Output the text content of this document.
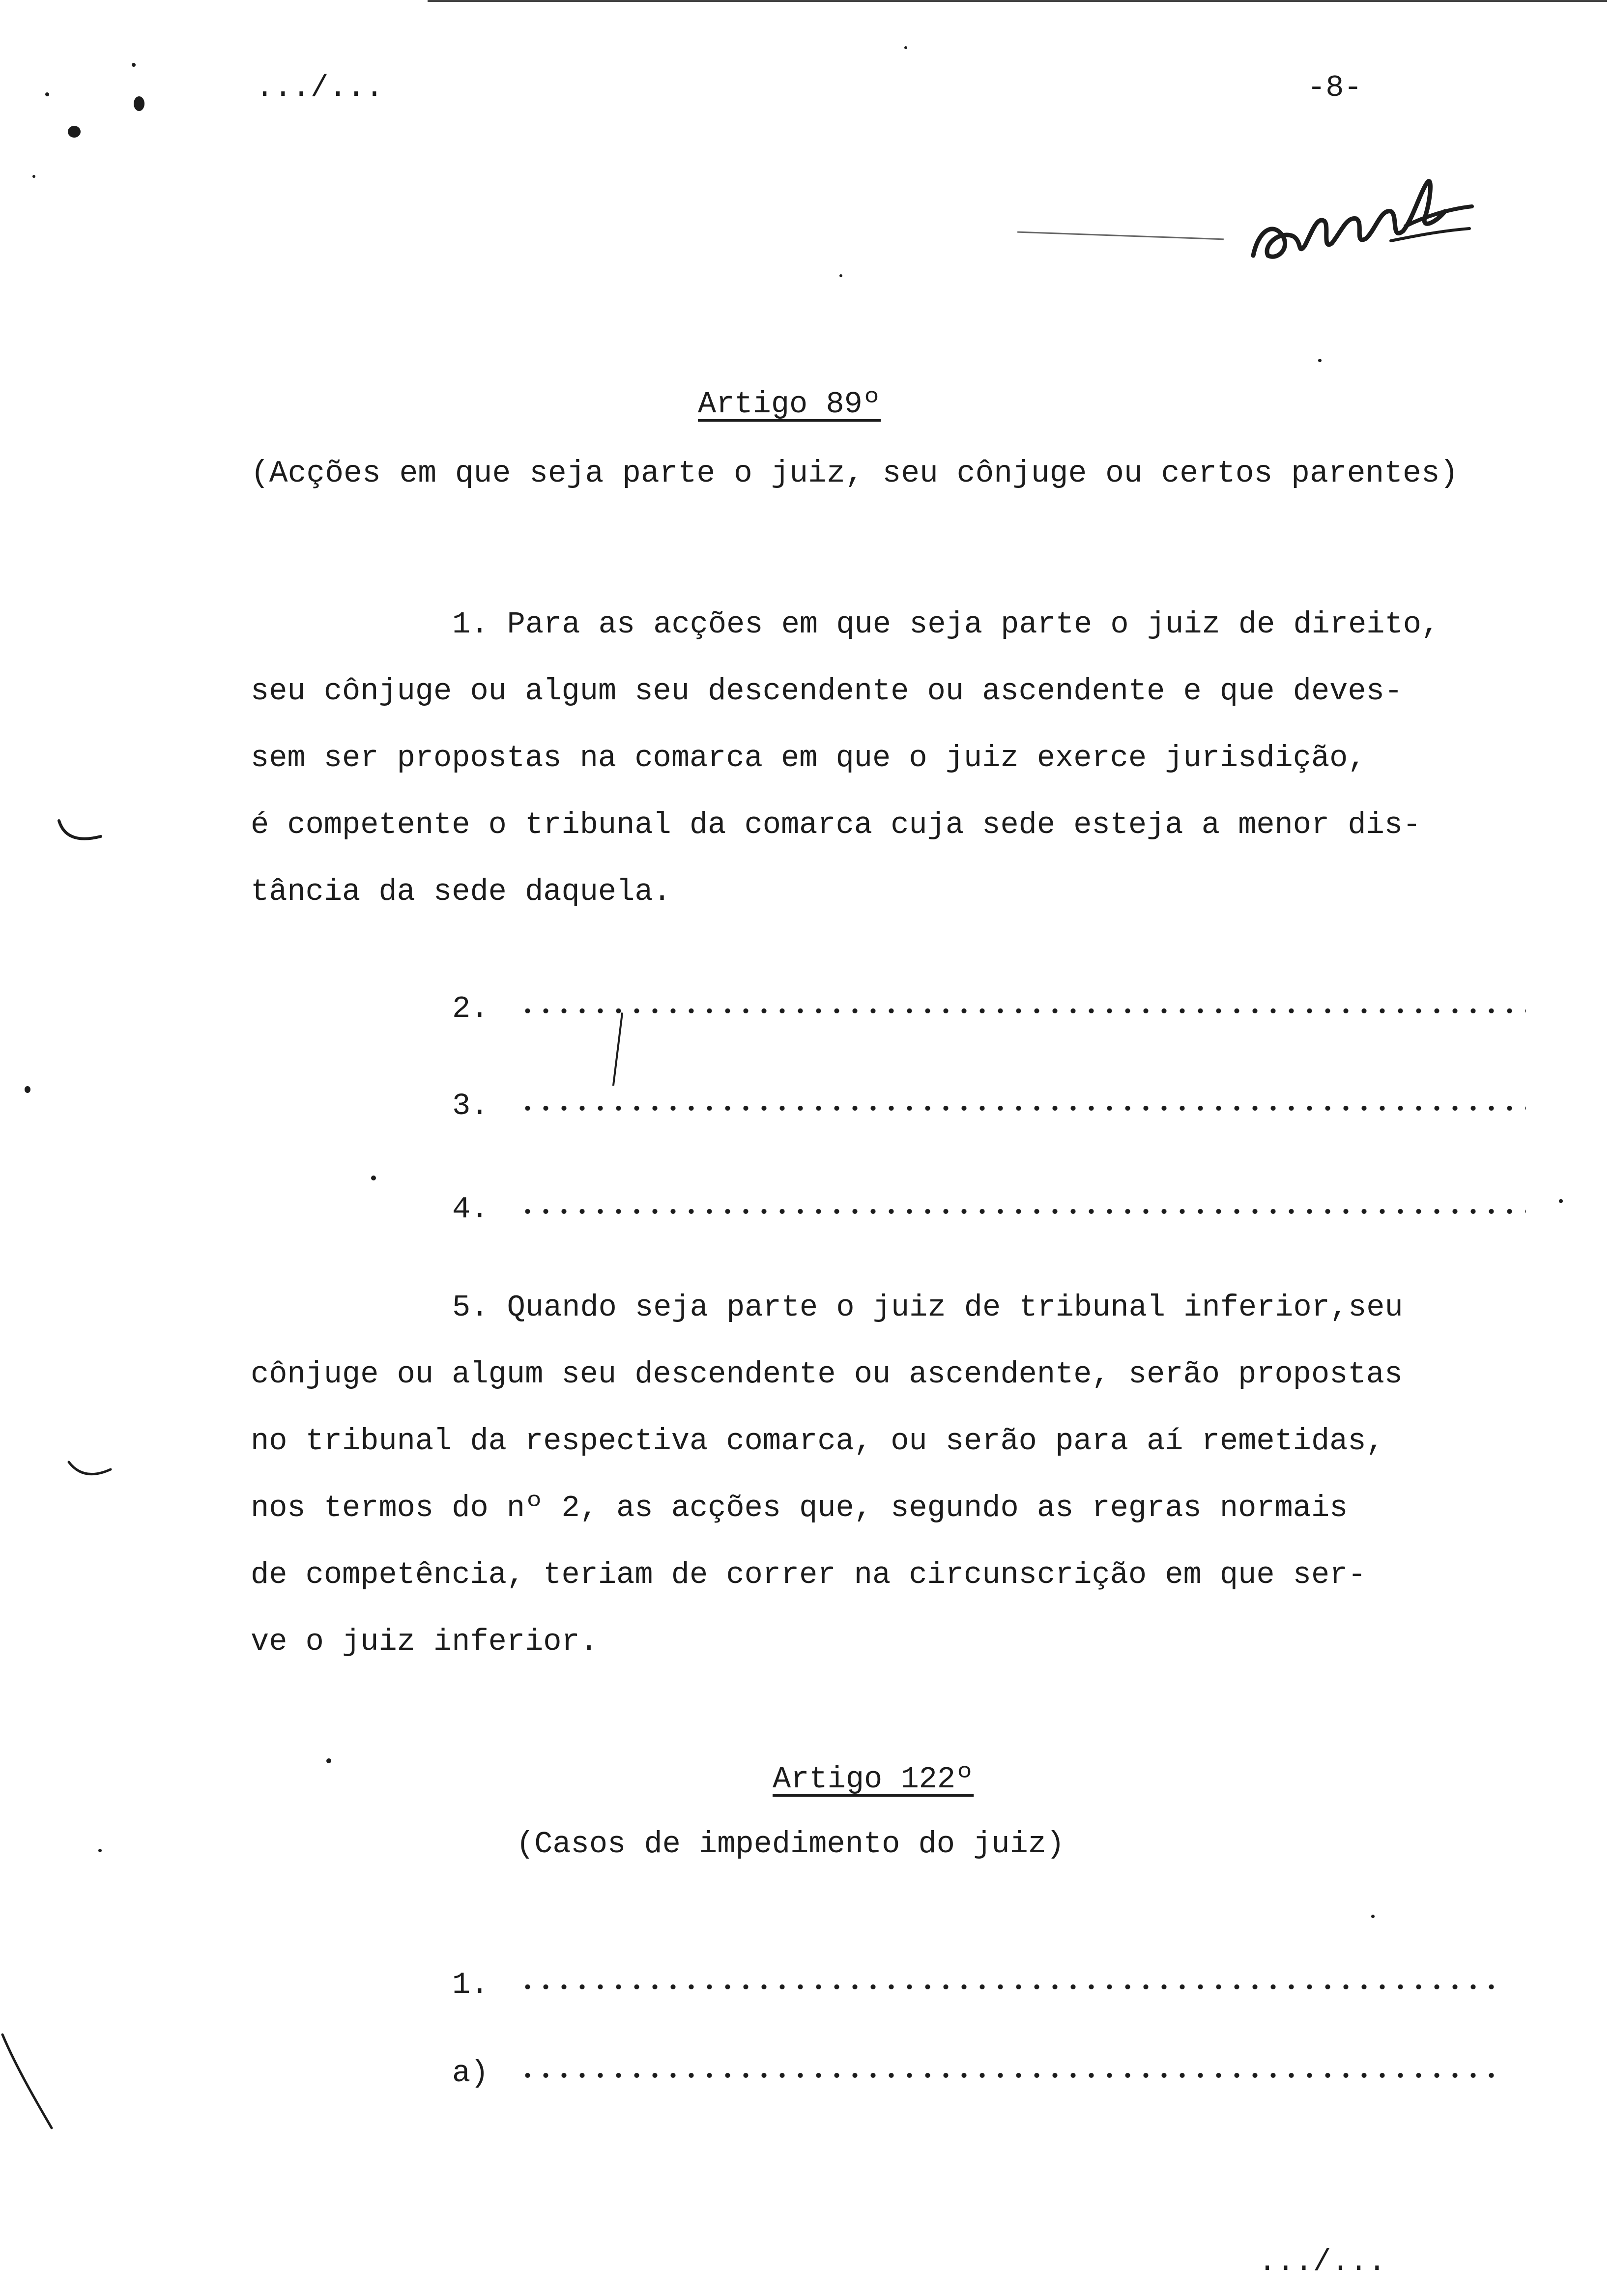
.../...	-8-
Artigo 89º
(Acções em que seja parte o juiz, seu cônjuge ou certos parentes)
1. Para as acções em que seja parte o juiz de direito,
seu cônjuge ou algum seu descendente ou ascendente e que deves-
sem ser propostas na comarca em que o juiz exerce jurisdição,
é competente o tribunal da comarca cuja sede esteja a menor dis-
tância da sede daquela.
2.
3.
4.
5. Quando seja parte o juiz de tribunal inferior,seu
cônjuge ou algum seu descendente ou ascendente, serão propostas
no tribunal da respectiva comarca, ou serão para aí remetidas,
nos termos do nº 2, as acções que, segundo as regras normais
de competência, teriam de correr na circunscrição em que ser-
ve o juiz inferior.
Artigo 122º
(Casos de impedimento do juiz)
1.
a)
.../...
